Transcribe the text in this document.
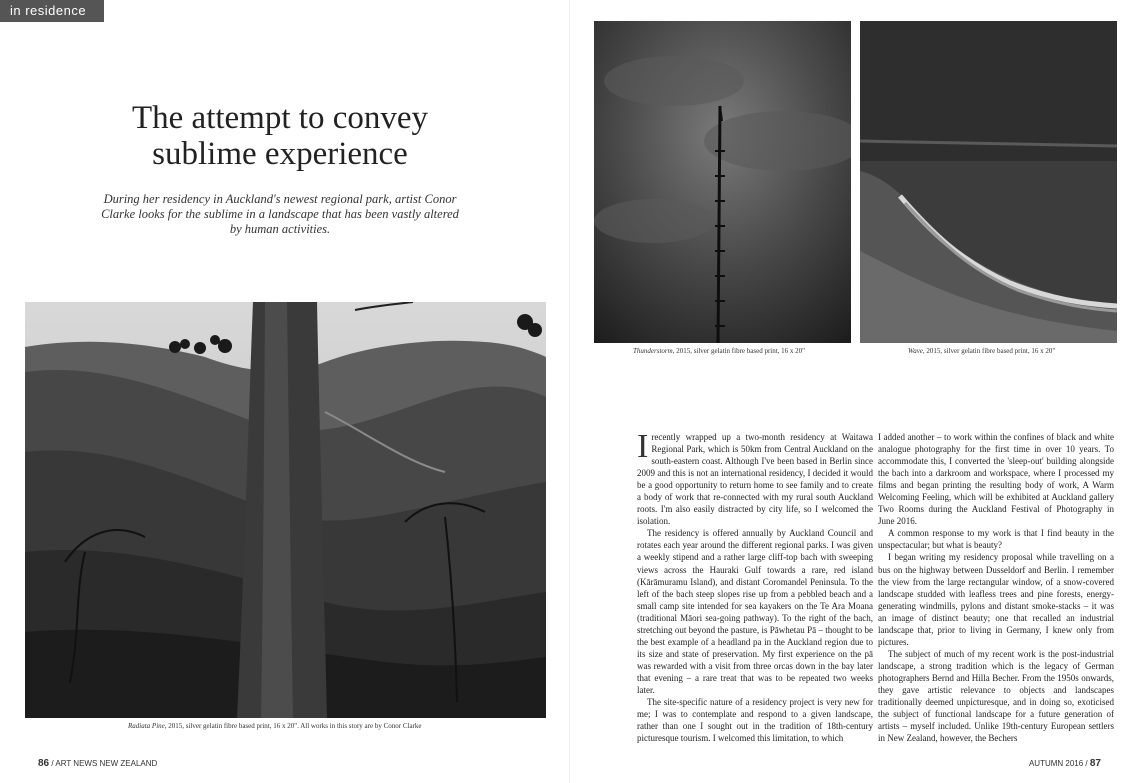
in residence
The attempt to convey
sublime experience
During her residency in Auckland's newest regional park, artist Conor Clarke looks for the sublime in a landscape that has been vastly altered by human activities.
Radiata Pine, 2015, silver gelatin fibre based print, 16 x 20". All works in this story are by Conor Clarke
Thunderstorm, 2015, silver gelatin fibre based print, 16 x 20"	Wave, 2015, silver gelatin fibre based print, 16 x 20"

Irecently wrapped up a two-month residency at Waitawa Regional Park, which is 50km from Central Auckland on the south-eastern coast. Although I've been based in Berlin since 2009 and this is not an international residency, I decided it would be a good opportunity to return home to see family and to create a body of work that re-connected with my rural south Auckland roots. I'm also easily distracted by city life, so I welcomed the isolation.

The residency is offered annually by Auckland Council and rotates each year around the different regional parks. I was given a weekly stipend and a rather large cliff-top bach with sweeping views across the Hauraki Gulf towards a rare, red island (Kārāmuramu Island), and distant Coromandel Peninsula. To the left of the bach steep slopes rise up from a pebbled beach and a small camp site intended for sea kayakers on the Te Ara Moana (traditional Māori sea-going pathway). To the right of the bach, stretching out beyond the pasture, is Pāwhetau Pā – thought to be the best example of a headland pa in the Auckland region due to its size and state of preservation. My first experience on the pā was rewarded with a visit from three orcas down in the bay later that evening – a rare treat that was to be repeated two weeks later.

The site-specific nature of a residency project is very new for me; I was to contemplate and respond to a given landscape, rather than one I sought out in the tradition of 18th-century picturesque tourism. I welcomed this limitation, to which

I added another – to work within the confines of black and white analogue photography for the first time in over 10 years. To accommodate this, I converted the 'sleep-out' building alongside the bach into a darkroom and workspace, where I processed my films and began printing the resulting body of work, A Warm Welcoming Feeling, which will be exhibited at Auckland gallery Two Rooms during the Auckland Festival of Photography in June 2016.

A common response to my work is that I find beauty in the unspectacular; but what is beauty?

I began writing my residency proposal while travelling on a bus on the highway between Dusseldorf and Berlin. I remember the view from the large rectangular window, of a snow-covered landscape studded with leafless trees and pine forests, energy-generating windmills, pylons and distant smoke-stacks – it was an image of distinct beauty; one that recalled an industrial landscape that, prior to living in Germany, I knew only from pictures.

The subject of much of my recent work is the post-industrial landscape, a strong tradition which is the legacy of German photographers Bernd and Hilla Becher. From the 1950s onwards, they gave artistic relevance to objects and landscapes traditionally deemed unpicturesque, and in doing so, exoticised the subject of functional landscape for a future generation of artists – myself included. Unlike 19th-century European settlers in New Zealand, however, the Bechers

86 / ART NEWS NEW ZEALAND	AUTUMN 2016 / 87
